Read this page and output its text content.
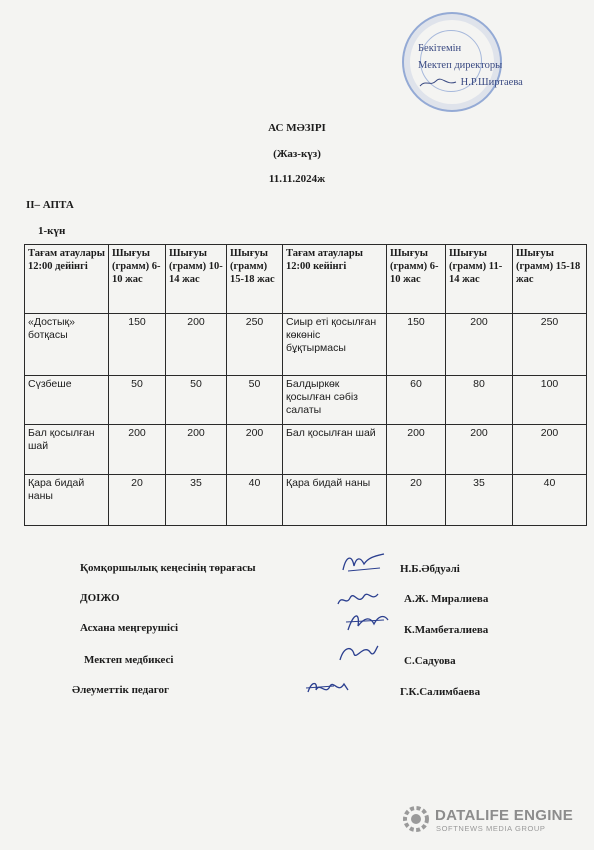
Бекітемін
Мектеп директоры
Н.Р.Ширтаева
АС МӘЗІРІ
(Жаз-күз)
11.11.2024ж
II– АПТА
1-күн
Тағам атаулары 12:00 дейінгі	Шығуы (грамм) 6-10 жас	Шығуы (грамм) 10-14 жас	Шығуы (грамм) 15-18 жас	Тағам атаулары 12:00 кейінгі	Шығуы (грамм) 6-10 жас	Шығуы (грамм) 11-14 жас	Шығуы (грамм) 15-18 жас
«Достық» ботқасы	150	200	250	Сиыр еті қосылған көкөніс бұқтырмасы	150	200	250
Сүзбеше	50	50	50	Балдыркөк қосылған сәбіз салаты	60	80	100
Бал қосылған шай	200	200	200	Бал қосылған шай	200	200	200
Қара бидай наны	20	35	40	Қара бидай наны	20	35	40
Қомқоршылық кеңесінің төрағасы	Н.Б.Әбдуәлі
ДОІЖО	А.Ж. Миралиева
Асхана меңгерушісі	К.Мамбеталиева
Мектеп медбикесі	С.Садуова
Әлеуметтік педагог	Г.К.Салимбаева
DATALIFE ENGINE
SOFTNEWS MEDIA GROUP
